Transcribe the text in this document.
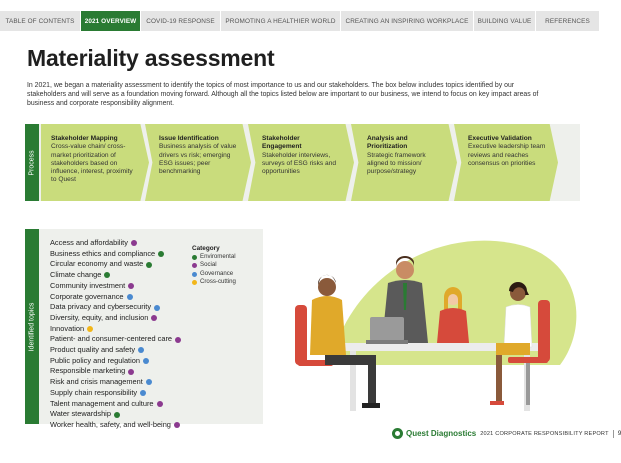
TABLE OF CONTENTS	2021 OVERVIEW	COVID-19 RESPONSE	PROMOTING A HEALTHIER WORLD	CREATING AN INSPIRING WORKPLACE	BUILDING VALUE	REFERENCES
Materiality assessment

In 2021, we began a materiality assessment to identify the topics of most importance to us and our stakeholders. The box below includes topics identified by our stakeholders and will serve as a foundation moving forward. Although all the topics listed below are important to our business, we intend to focus on key impact areas of business and corporate responsibility alignment.

Process
Stakeholder Mapping
Cross-value chain/ cross-market prioritization of stakeholders based on influence, interest, proximity to Quest
Issue Identification
Business analysis of value drivers vs risk; emerging ESG issues; peer benchmarking
Stakeholder Engagement
Stakeholder interviews, surveys of ESG risks and opportunities
Analysis and Prioritization
Strategic framework aligned to mission/ purpose/strategy
Executive Validation
Executive leadership team reviews and reaches consensus on priorities
Identified topics
Access and affordability
Business ethics and compliance
Circular economy and waste
Climate change
Community investment
Corporate governance
Data privacy and cybersecurity
Diversity, equity, and inclusion
Innovation
Patient- and consumer-centered care
Product quality and safety
Public policy and regulation
Responsible marketing
Risk and crisis management
Supply chain responsibility
Talent management and culture
Water stewardship
Worker health, safety, and well-being
Category
Enviromental
Social
Governance
Cross-cutting
Quest Diagnostics 2021 CORPORATE RESPONSIBILITY REPORT 9
